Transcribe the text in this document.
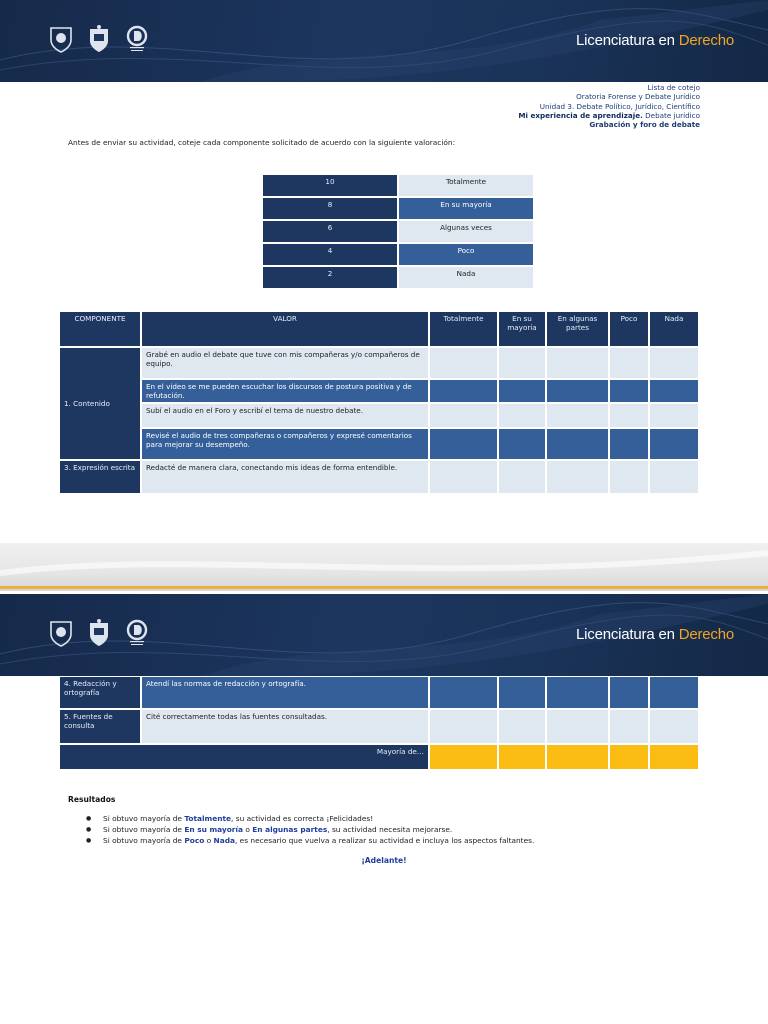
Licenciatura en Derecho
Lista de cotejo
Oratoria Forense y Debate Jurídico
Unidad 3. Debate Político, Jurídico, Científico
Mi experiencia de aprendizaje. Debate jurídico
Grabación y foro de debate
Antes de enviar su actividad, coteje cada componente solicitado de acuerdo con la siguiente valoración:
10	Totalmente
8	En su mayoría
6	Algunas veces
4	Poco
2	Nada
COMPONENTE	VALOR	Totalmente	En su mayoría	En algunas partes	Poco	Nada
1. Contenido	Grabé en audio el debate que tuve con mis compañeras y/o compañeros de equipo.					
	En el video se me pueden escuchar los discursos de postura positiva y de refutación.					
	Subí el audio en el Foro y escribí el tema de nuestro debate.					
	Revisé el audio de tres compañeras o compañeros y expresé comentarios para mejorar su desempeño.					
3. Expresión escrita	Redacté de manera clara, conectando mis ideas de forma entendible.					
Licenciatura en Derecho
4. Redacción y ortografía	Atendí las normas de redacción y ortografía.					
5. Fuentes de consulta	Cité correctamente todas las fuentes consultadas.					
Mayoría de…						
Resultados
● Si obtuvo mayoría de Totalmente, su actividad es correcta ¡Felicidades!
● Si obtuvo mayoría de En su mayoría o En algunas partes, su actividad necesita mejorarse.
● Si obtuvo mayoría de Poco o Nada, es necesario que vuelva a realizar su actividad e incluya los aspectos faltantes.
¡Adelante!
